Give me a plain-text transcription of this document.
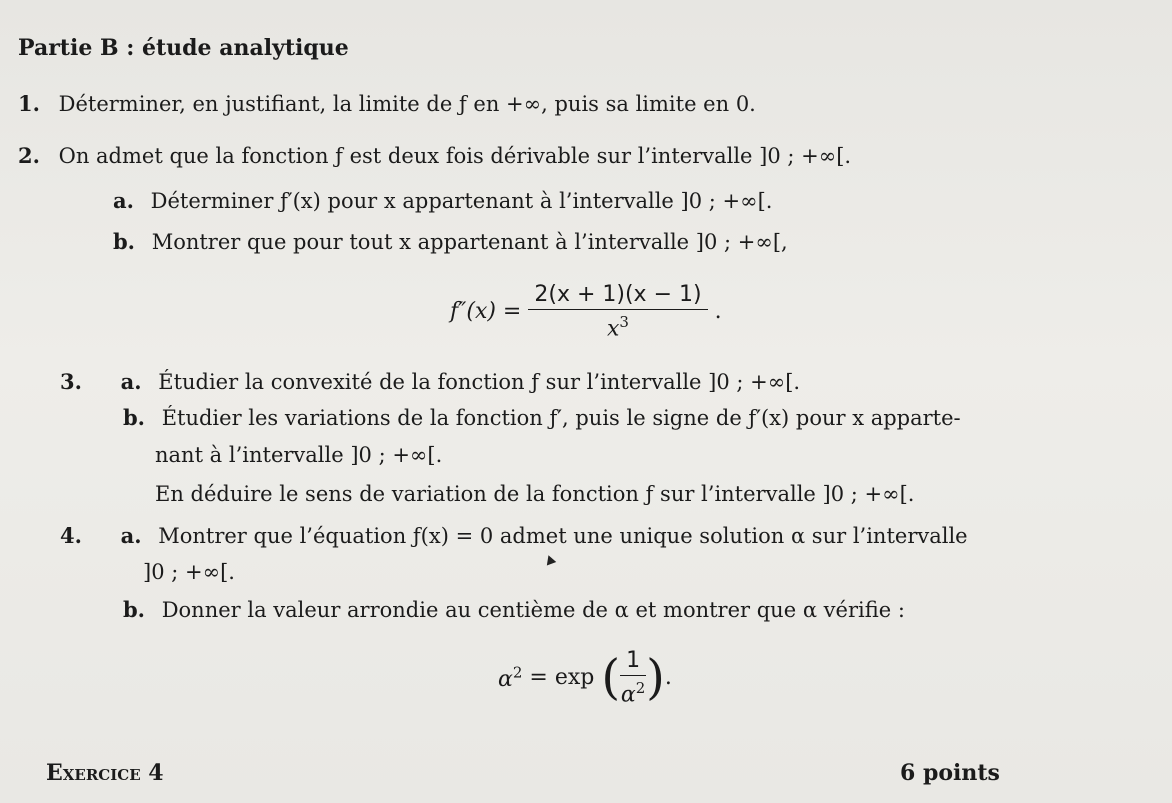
Partie B : étude analytique
1. Déterminer, en justifiant, la limite de ƒ en +∞, puis sa limite en 0.
2. On admet que la fonction ƒ est deux fois dérivable sur l’intervalle ]0 ; +∞[.
a. Déterminer ƒ′(x) pour x appartenant à l’intervalle ]0 ; +∞[.
b. Montrer que pour tout x appartenant à l’intervalle ]0 ; +∞[,
$f''(x) = \frac{2(x + 1)(x - 1)}{x^3}$ .
3. a. Étudier la convexité de la fonction ƒ sur l’intervalle ]0 ; +∞[.
b. Étudier les variations de la fonction ƒ′, puis le signe de ƒ′(x) pour x apparte-
nant à l’intervalle ]0 ; +∞[.
En déduire le sens de variation de la fonction ƒ sur l’intervalle ]0 ; +∞[.
4. a. Montrer que l’équation ƒ(x) = 0 admet une unique solution α sur l’intervalle
]0 ; +∞[.
b. Donner la valeur arrondie au centième de α et montrer que α vérifie :
$\alpha^2 = \exp$ ( $\frac{1}{\alpha^2}$ ).
Exercice 4	6 points
